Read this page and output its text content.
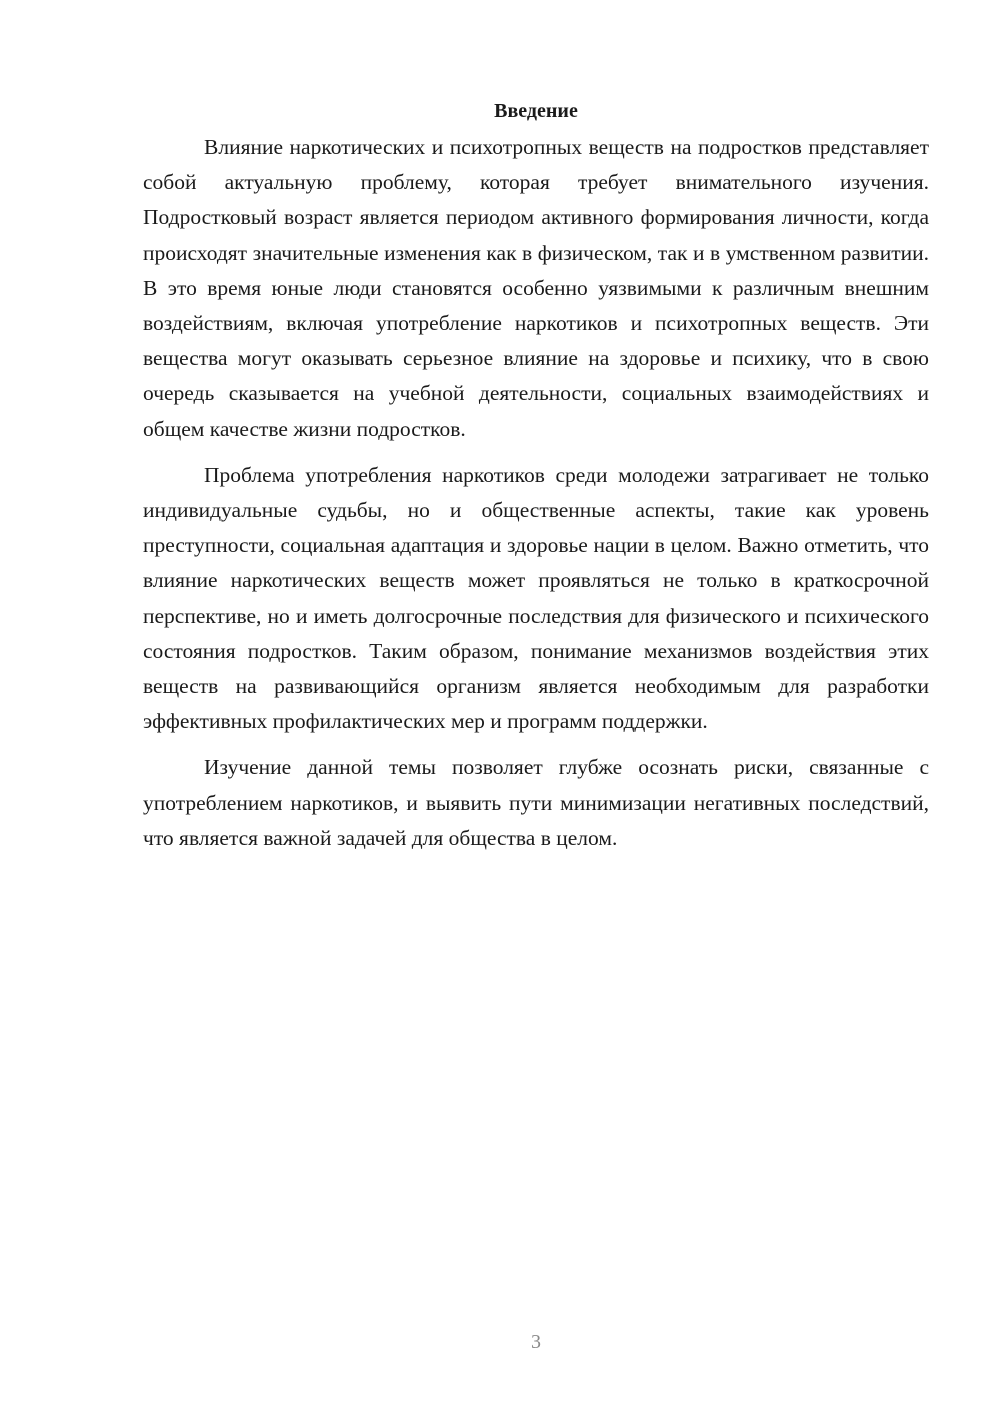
Введение

Влияние наркотических и психотропных веществ на подростков представляет собой актуальную проблему, которая требует внимательного изучения. Подростковый возраст является периодом активного формирования личности, когда происходят значительные изменения как в физическом, так и в умственном развитии. В это время юные люди становятся особенно уязвимыми к различным внешним воздействиям, включая употребление наркотиков и психотропных веществ. Эти вещества могут оказывать серьезное влияние на здоровье и психику, что в свою очередь сказывается на учебной деятельности, социальных взаимодействиях и общем качестве жизни подростков.

Проблема употребления наркотиков среди молодежи затрагивает не только индивидуальные судьбы, но и общественные аспекты, такие как уровень преступности, социальная адаптация и здоровье нации в целом. Важно отметить, что влияние наркотических веществ может проявляться не только в краткосрочной перспективе, но и иметь долгосрочные последствия для физического и психического состояния подростков. Таким образом, понимание механизмов воздействия этих веществ на развивающийся организм является необходимым для разработки эффективных профилактических мер и программ поддержки.

Изучение данной темы позволяет глубже осознать риски, связанные с употреблением наркотиков, и выявить пути минимизации негативных последствий, что является важной задачей для общества в целом.

3
